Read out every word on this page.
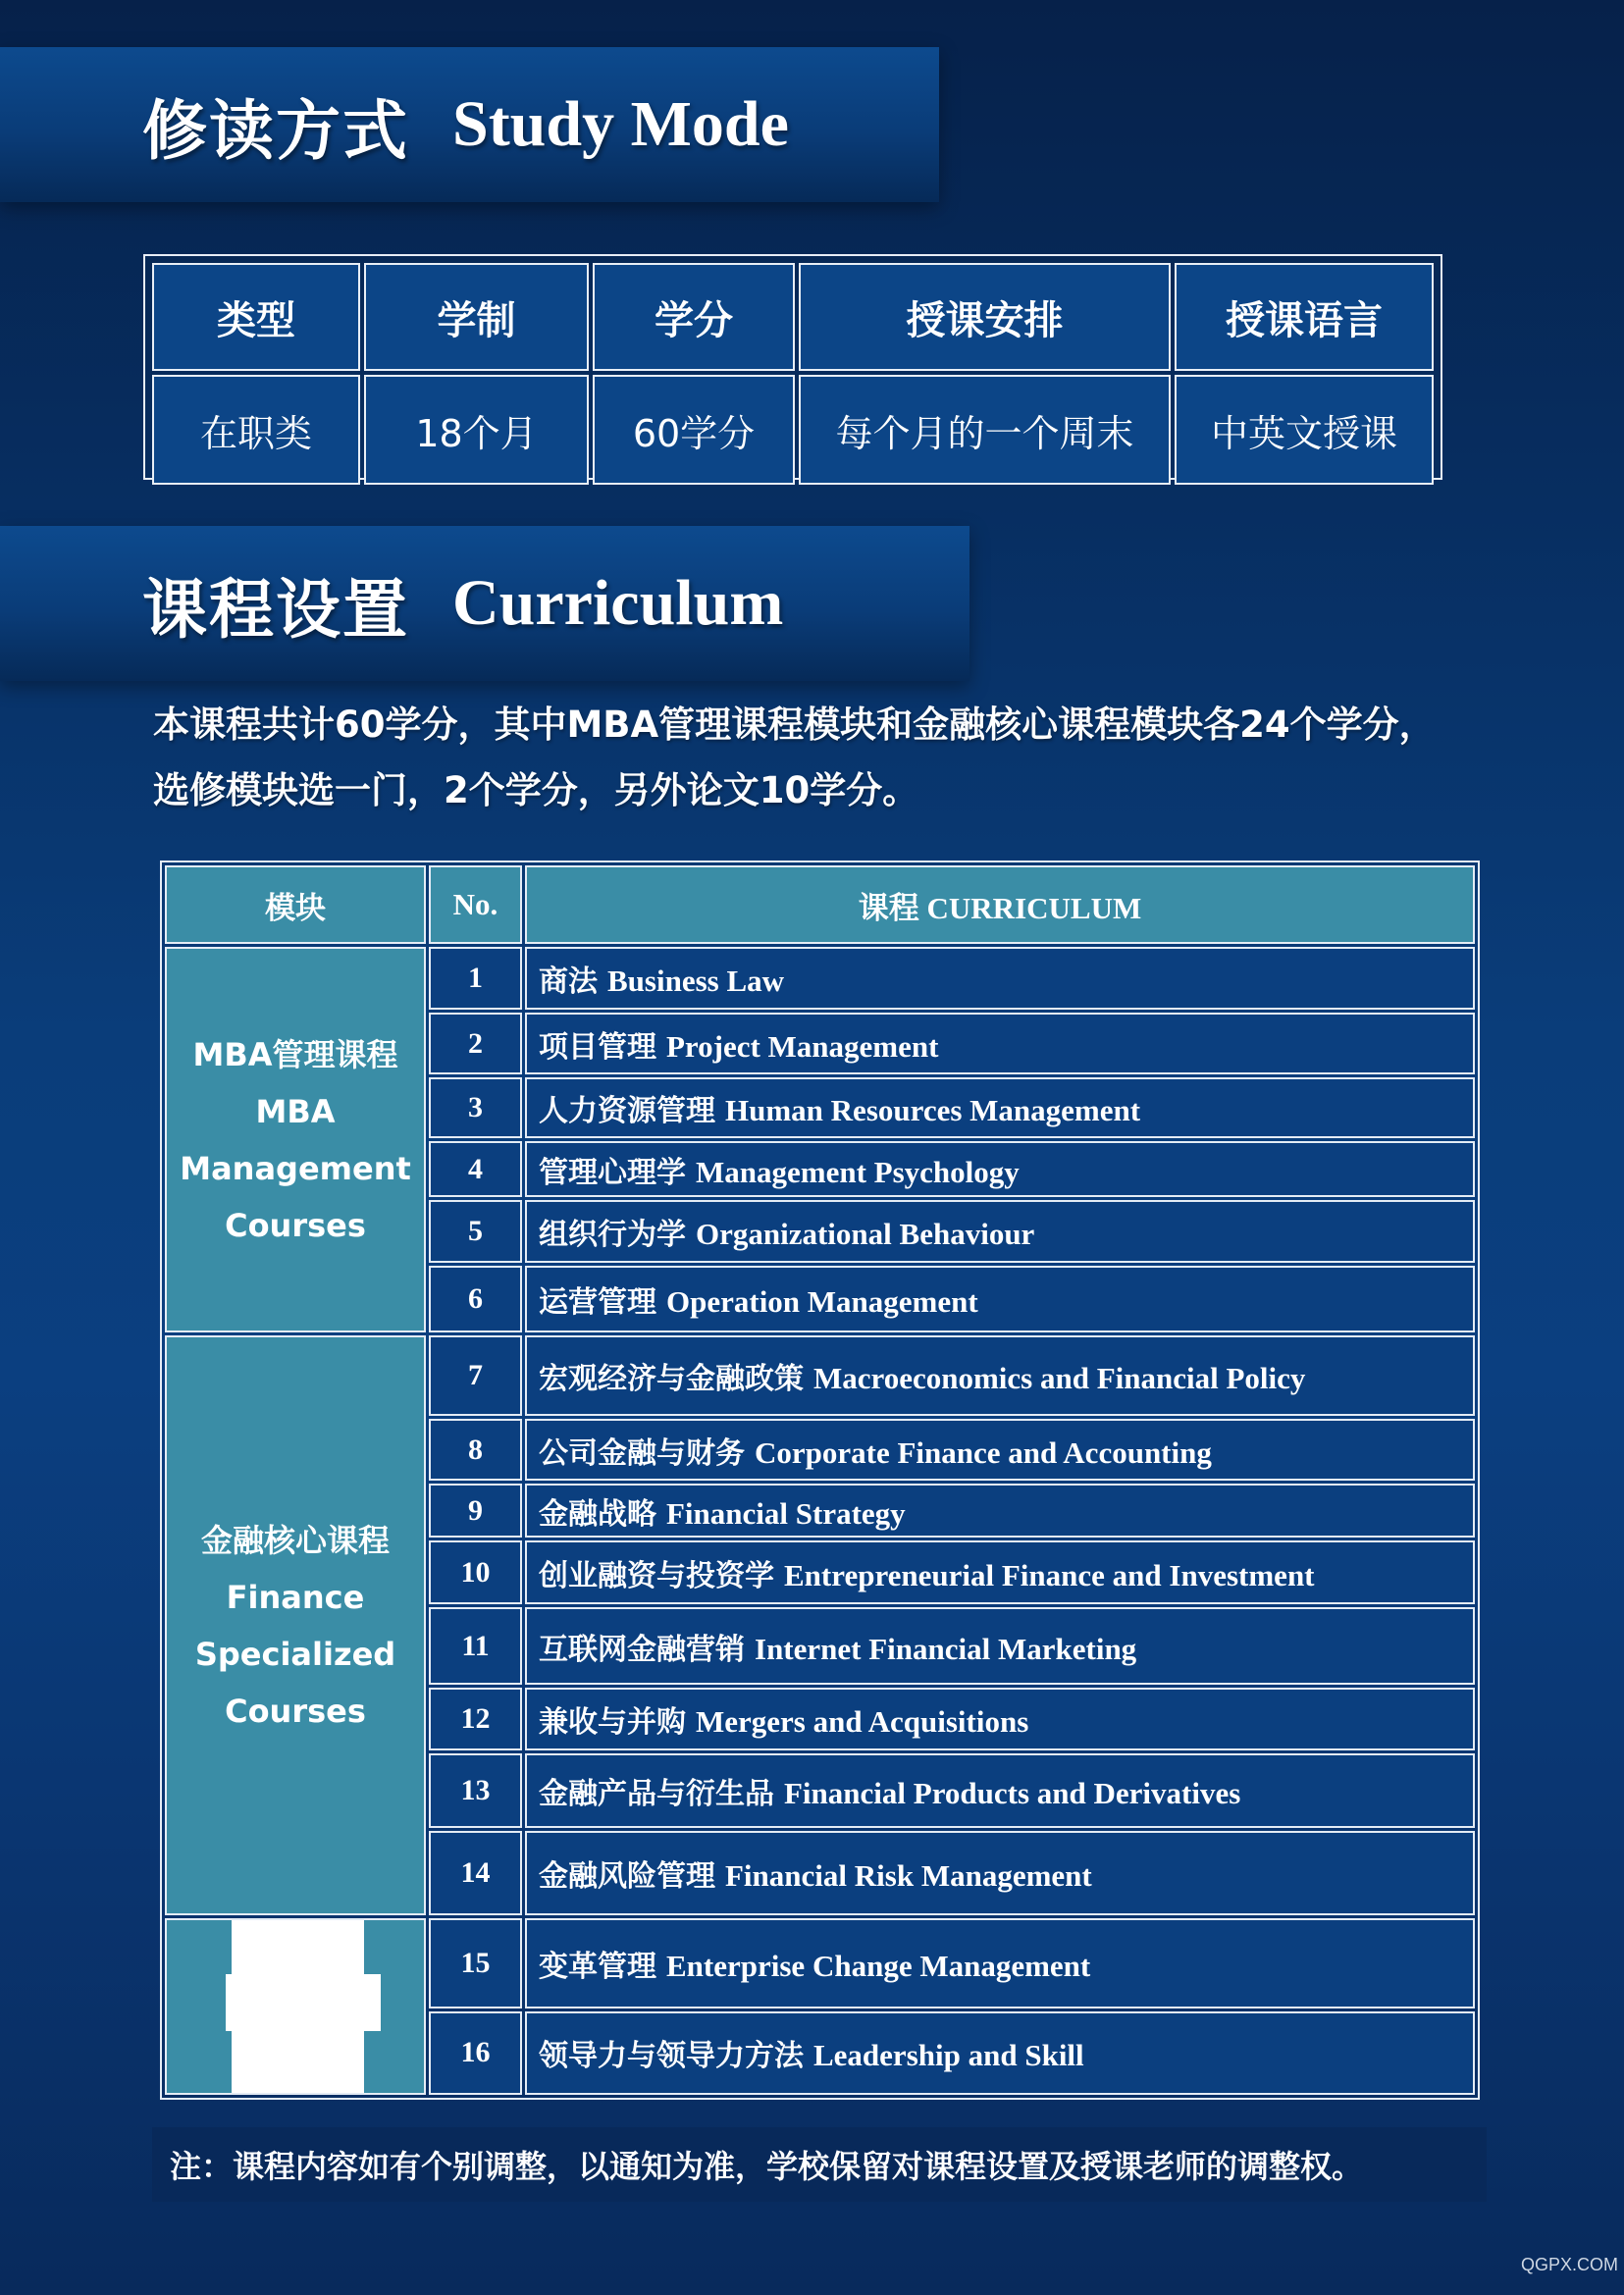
修读方式 Study Mode
类型	学制	学分	授课安排	授课语言
在职类	18个月	60学分	每个月的一个周末	中英文授课
课程设置 Curriculum
本课程共计60学分，其中MBA管理课程模块和金融核心课程模块各24个学分，
选修模块选一门，2个学分，另外论文10学分。
模块	No.	课程 CURRICULUM

MBA管理课程
MBA
Management
Courses	1	商法 Business Law
	2	项目管理 Project Management
	3	人力资源管理 Human Resources Management
	4	管理心理学 Management Psychology
	5	组织行为学 Organizational Behaviour
	6	运营管理 Operation Management

金融核心课程
Finance
Specialized
Courses	7	宏观经济与金融政策 Macroeconomics and Financial Policy
	8	公司金融与财务 Corporate Finance and Accounting
	9	金融战略 Financial Strategy
	10	创业融资与投资学 Entrepreneurial Finance and Investment
	11	互联网金融营销 Internet Financial Marketing
	12	兼收与并购 Mergers and Acquisitions
	13	金融产品与衍生品 Financial Products and Derivatives
	14	金融风险管理 Financial Risk Management

	15	变革管理 Enterprise Change Management
	16	领导力与领导力方法 Leadership and Skill
注：课程内容如有个别调整，以通知为准，学校保留对课程设置及授课老师的调整权。
QGPX.COM
